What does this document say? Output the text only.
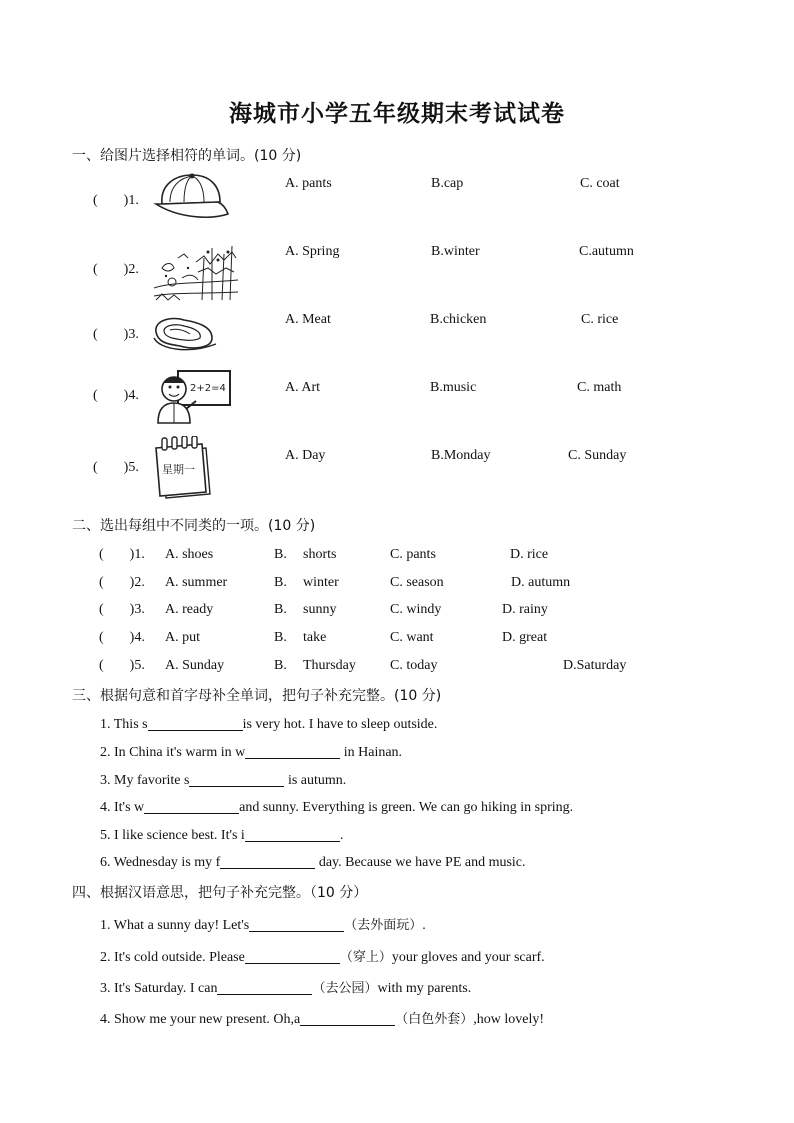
海城市小学五年级期末考试试卷
一、给图片选择相符的单词。(10 分)
( )1.
A. pants	B.cap	C. coat
( )2.
A. Spring	B.winter	C.autumn
( )3.
A. Meat	B.chicken	C. rice
( )4.	2+2=4	A. Art	B.music	C. math
( )5. 星期一
A. Day	B.Monday	C. Sunday
二、选出每组中不同类的一项。(10 分)
( )1. A. shoes	B. shorts	C. pants	D. rice
( )2. A. summer	B. winter	C. season	D. autumn
( )3. A. ready	B. sunny	C. windy	D. rainy
( )4. A. put	B. take	C. want	D. great
( )5. A. Sunday	B. Thursday C. today	D.Saturday
三、根据句意和首字母补全单词，把句子补充完整。(10 分)
1. This s	is very hot. I have to sleep outside.
2. In China it's warm in w	in Hainan.
3. My favorite s	is autumn.
4. It's w	and sunny. Everything is green. We can go hiking in spring.
5. I like science best. It's i	.
6. Wednesday is my f	day. Because we have PE and music.
四、根据汉语意思，把句子补充完整。（10 分）
1. What a sunny day! Let's	（去外面玩）.
2. It's cold outside. Please	（穿上）your gloves and your scarf.
3. It's Saturday. I can	（去公园）with my parents.
4. Show me your new present. Oh,a	（白色外套）,how lovely!
